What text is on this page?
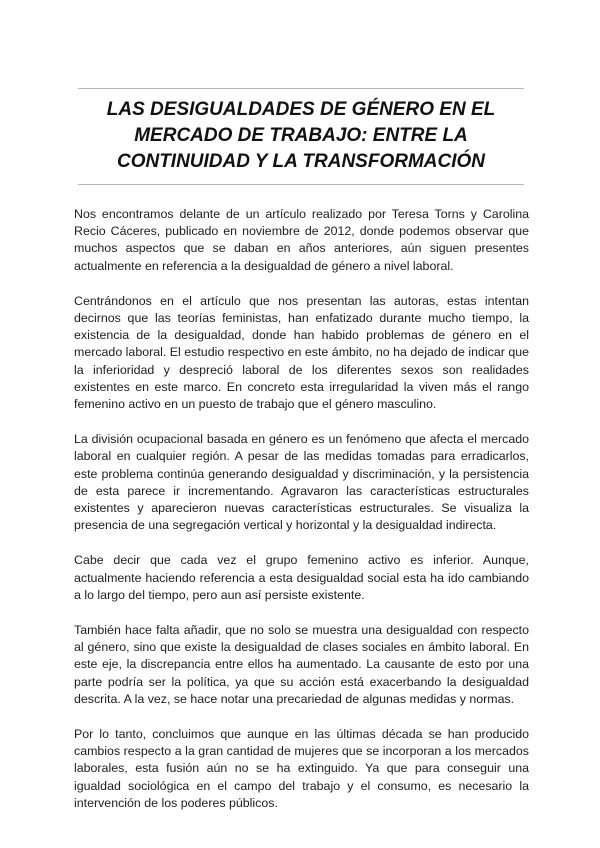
LAS DESIGUALDADES DE GÉNERO EN EL MERCADO DE TRABAJO: ENTRE LA CONTINUIDAD Y LA TRANSFORMACIÓN

Nos encontramos delante de un artículo realizado por Teresa Torns y Carolina Recio Cáceres, publicado en noviembre de 2012, donde podemos observar que muchos aspectos que se daban en años anteriores, aún siguen presentes actualmente en referencia a la desigualdad de género a nivel laboral.

Centrándonos en el artículo que nos presentan las autoras, estas intentan decirnos que las teorías feministas, han enfatizado durante mucho tiempo, la existencia de la desigualdad, donde han habido problemas de género en el mercado laboral. El estudio respectivo en este ámbito, no ha dejado de indicar que la inferioridad y despreció laboral de los diferentes sexos son realidades existentes en este marco. En concreto esta irregularidad la viven más el rango femenino activo en un puesto de trabajo que el género masculino.

La división ocupacional basada en género es un fenómeno que afecta el mercado laboral en cualquier región. A pesar de las medidas tomadas para erradicarlos, este problema continúa generando desigualdad y discriminación, y la persistencia de esta parece ir incrementando. Agravaron las características estructurales existentes y aparecieron nuevas características estructurales. Se visualiza la presencia de una segregación vertical y horizontal y la desigualdad indirecta.

Cabe decir que cada vez el grupo femenino activo es inferior. Aunque, actualmente haciendo referencia a esta desigualdad social esta ha ido cambiando a lo largo del tiempo, pero aun así persiste existente.

También hace falta añadir, que no solo se muestra una desigualdad con respecto al género, sino que existe la desigualdad de clases sociales en ámbito laboral. En este eje, la discrepancia entre ellos ha aumentado. La causante de esto por una parte podría ser la política, ya que su acción está exacerbando la desigualdad descrita. A la vez, se hace notar una precariedad de algunas medidas y normas.

Por lo tanto, concluimos que aunque en las últimas década se han producido cambios respecto a la gran cantidad de mujeres que se incorporan a los mercados laborales, esta fusión aún no se ha extinguido. Ya que para conseguir una igualdad sociológica en el campo del trabajo y el consumo, es necesario la intervención de los poderes públicos.
